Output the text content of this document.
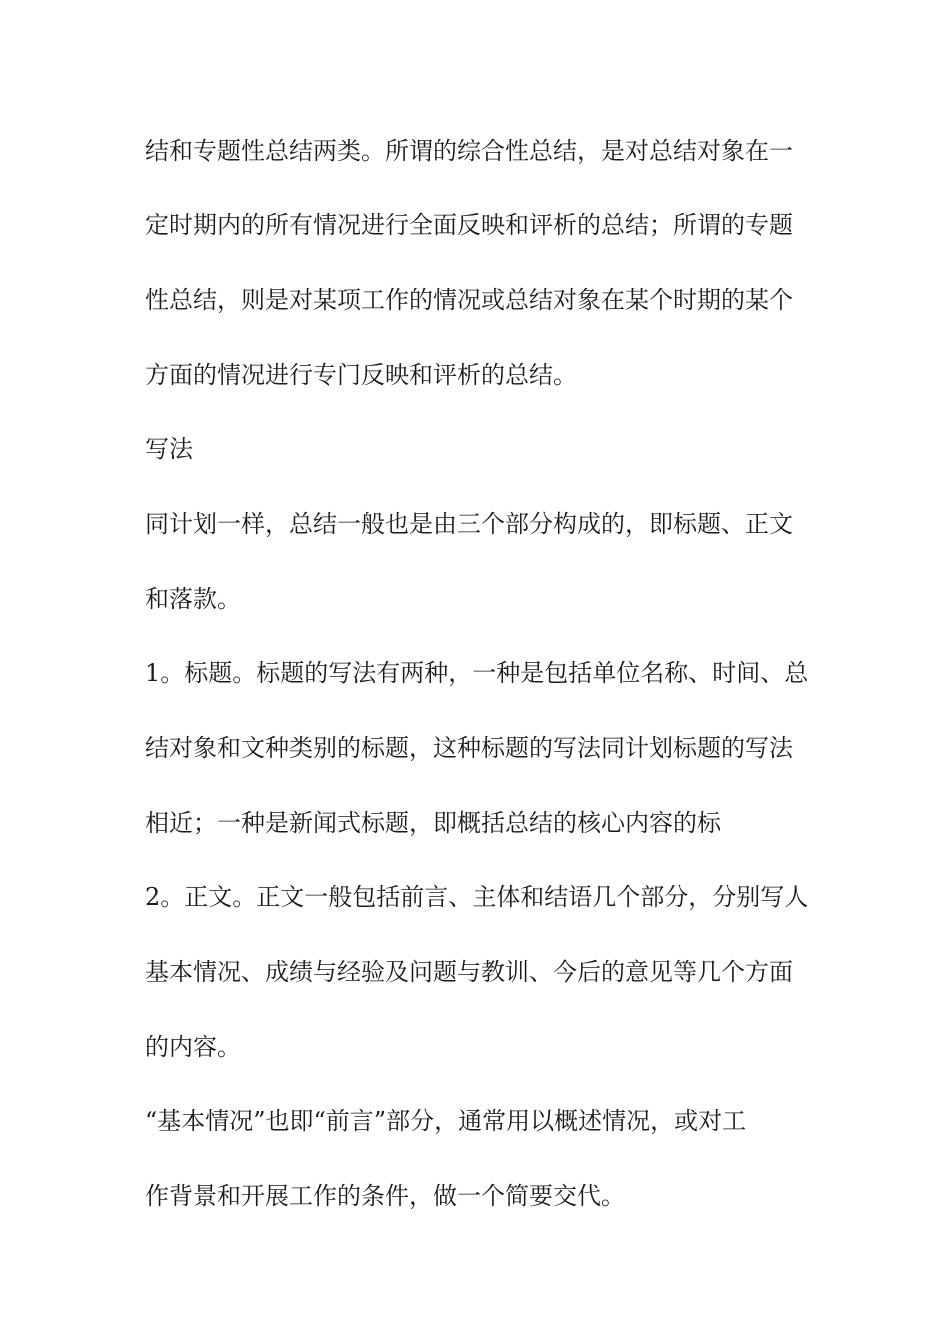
结和专题性总结两类。所谓的综合性总结，是对总结对象在一
定时期内的所有情况进行全面反映和评析的总结；所谓的专题
性总结，则是对某项工作的情况或总结对象在某个时期的某个
方面的情况进行专门反映和评析的总结。
写法
同计划一样，总结一般也是由三个部分构成的，即标题、正文
和落款。
1。标题。标题的写法有两种，一种是包括单位名称、时间、总
结对象和文种类别的标题，这种标题的写法同计划标题的写法
相近；一种是新闻式标题，即概括总结的核心内容的标
2。正文。正文一般包括前言、主体和结语几个部分，分别写人
基本情况、成绩与经验及问题与教训、今后的意见等几个方面
的内容。
“基本情况”也即“前言”部分，通常用以概述情况，或对工
作背景和开展工作的条件，做一个简要交代。
